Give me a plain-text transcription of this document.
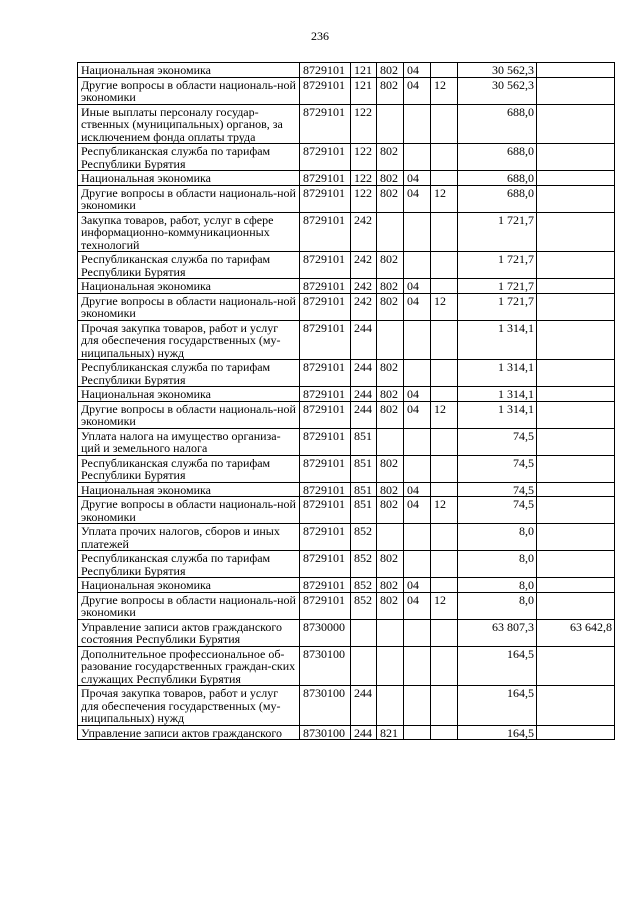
236
Национальная экономика	8729101	121	802	04		30 562,3	
Другие вопросы в области националь-ной экономики	8729101	121	802	04	12	30 562,3	
Иные выплаты персоналу государ-ственных (муниципальных) органов, за исключением фонда оплаты труда	8729101	122				688,0	
Республиканская служба по тарифам Республики Бурятия	8729101	122	802			688,0	
Национальная экономика	8729101	122	802	04		688,0	
Другие вопросы в области националь-ной экономики	8729101	122	802	04	12	688,0	
Закупка товаров, работ, услуг в сфере информационно-коммуникационных технологий	8729101	242				1 721,7	
Республиканская служба по тарифам Республики Бурятия	8729101	242	802			1 721,7	
Национальная экономика	8729101	242	802	04		1 721,7	
Другие вопросы в области националь-ной экономики	8729101	242	802	04	12	1 721,7	
Прочая закупка товаров, работ и услуг для обеспечения государственных (му-ниципальных) нужд	8729101	244				1 314,1	
Республиканская служба по тарифам Республики Бурятия	8729101	244	802			1 314,1	
Национальная экономика	8729101	244	802	04		1 314,1	
Другие вопросы в области националь-ной экономики	8729101	244	802	04	12	1 314,1	
Уплата налога на имущество организа-ций и земельного налога	8729101	851				74,5	
Республиканская служба по тарифам Республики Бурятия	8729101	851	802			74,5	
Национальная экономика	8729101	851	802	04		74,5	
Другие вопросы в области националь-ной экономики	8729101	851	802	04	12	74,5	
Уплата прочих налогов, сборов и иных платежей	8729101	852				8,0	
Республиканская служба по тарифам Республики Бурятия	8729101	852	802			8,0	
Национальная экономика	8729101	852	802	04		8,0	
Другие вопросы в области националь-ной экономики	8729101	852	802	04	12	8,0	
Управление записи актов гражданского состояния Республики Бурятия	8730000					63 807,3	63 642,8
Дополнительное профессиональное об-разование государственных граждан-ских служащих Республики Бурятия	8730100					164,5	
Прочая закупка товаров, работ и услуг для обеспечения государственных (му-ниципальных) нужд	8730100	244				164,5	
Управление записи актов гражданского	8730100	244	821			164,5	
